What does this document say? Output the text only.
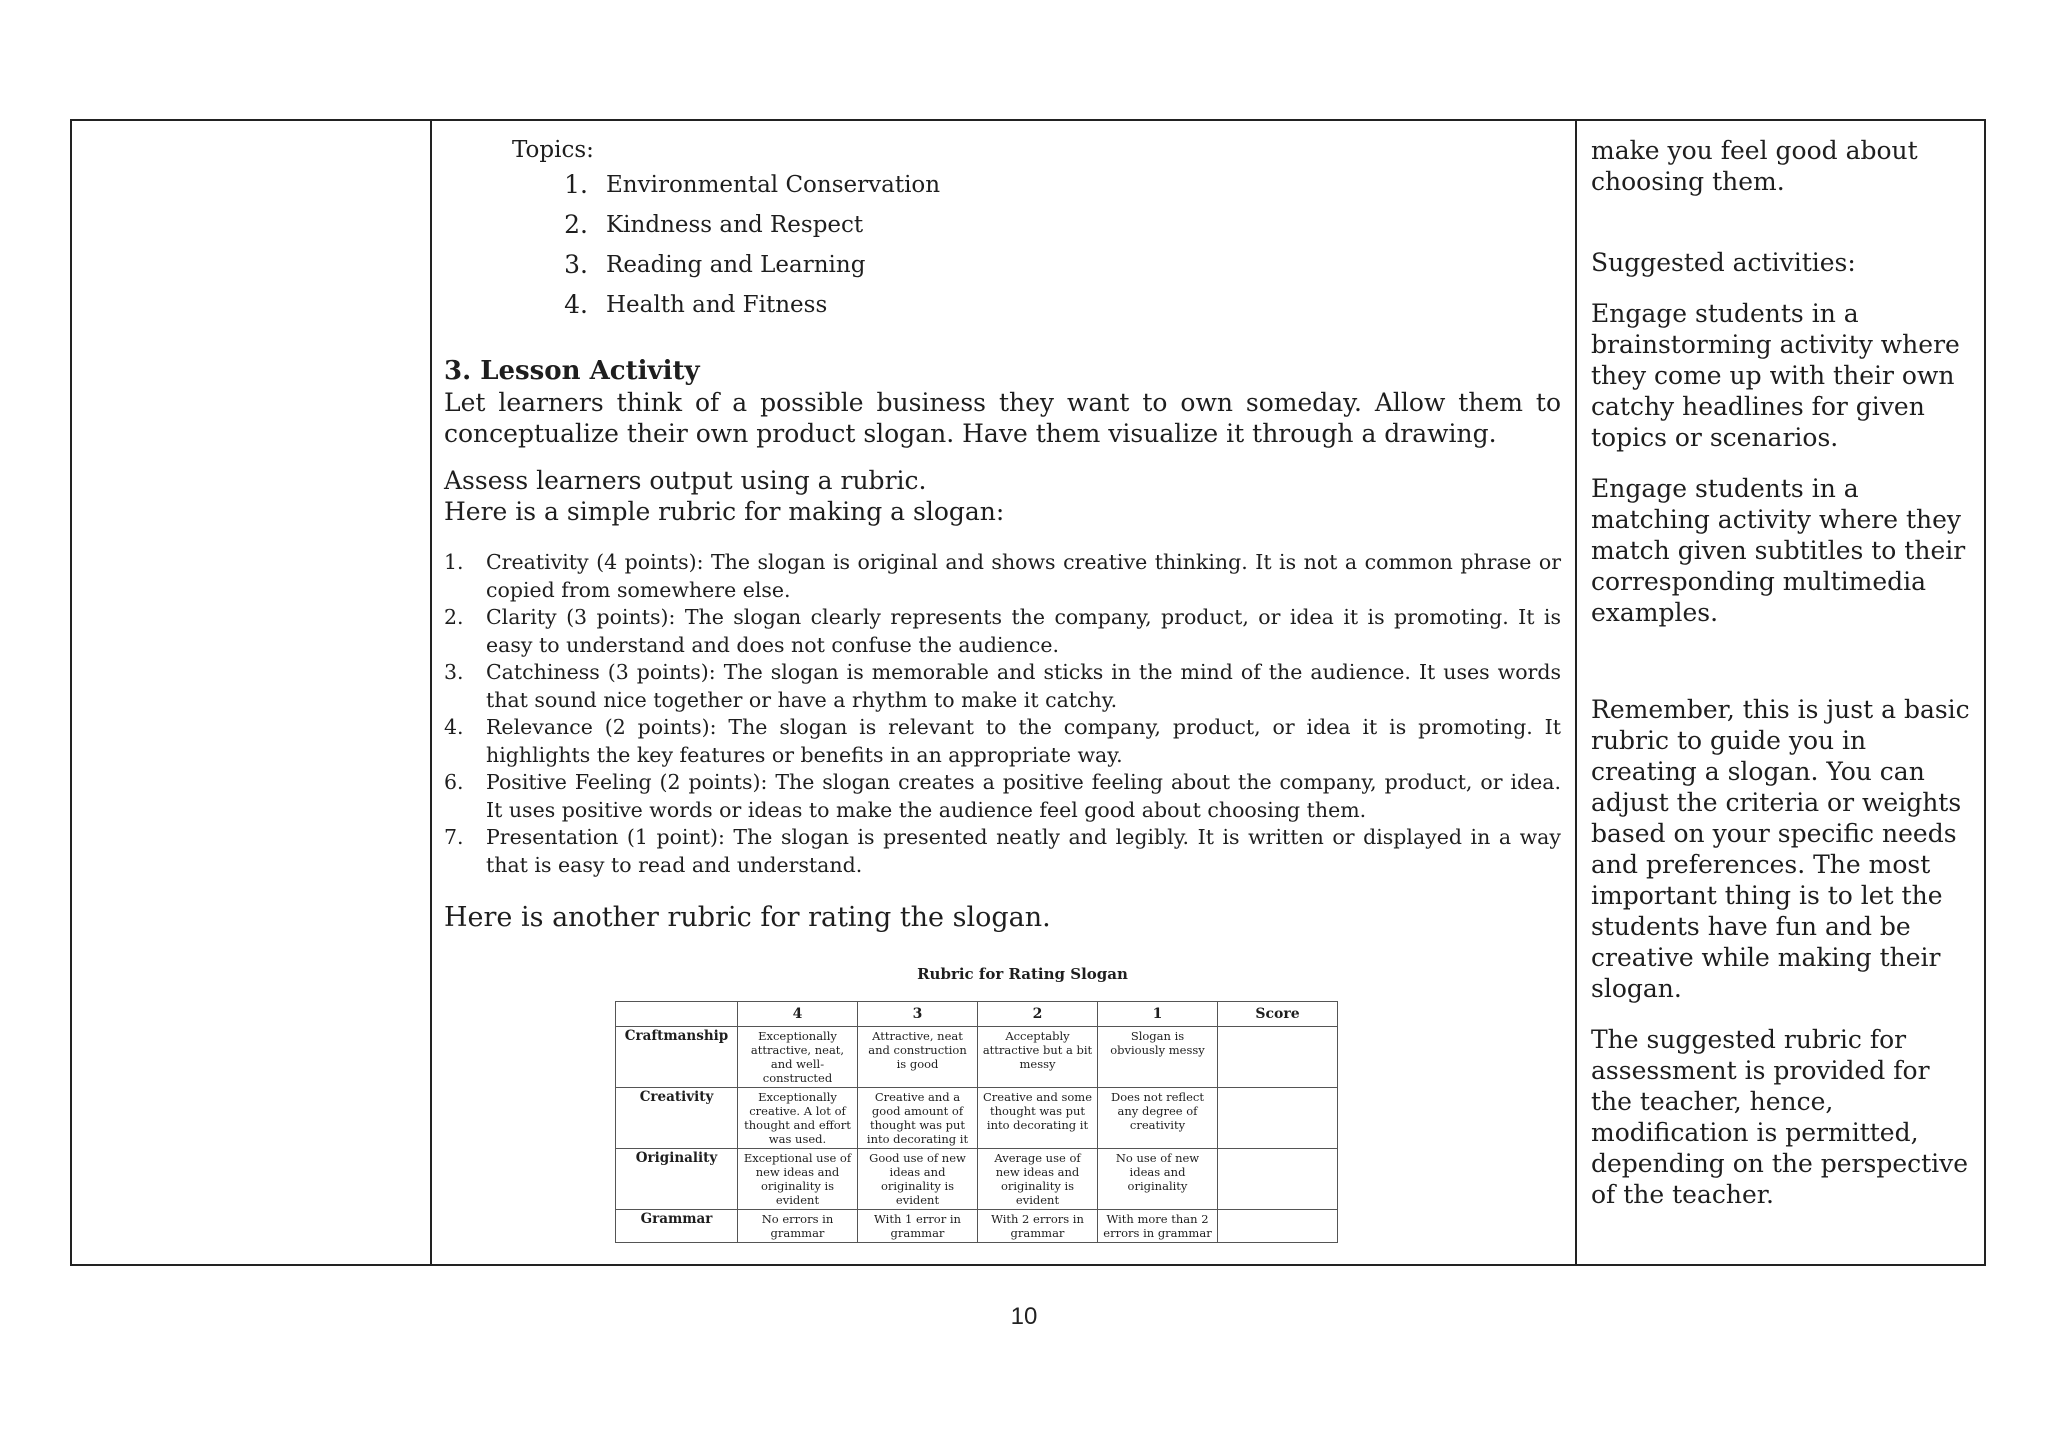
Topics:
1. Environmental Conservation
2. Kindness and Respect
3. Reading and Learning
4. Health and Fitness
3. Lesson Activity

Let learners think of a possible business they want to own someday. Allow them to conceptualize their own product slogan. Have them visualize it through a drawing.

Assess learners output using a rubric.

Here is a simple rubric for making a slogan:

1.	Creativity (4 points): The slogan is original and shows creative thinking. It is not a common phrase or copied from somewhere else.
2.	Clarity (3 points): The slogan clearly represents the company, product, or idea it is promoting. It is easy to understand and does not confuse the audience.
3.	Catchiness (3 points): The slogan is memorable and sticks in the mind of the audience. It uses words that sound nice together or have a rhythm to make it catchy.
4.	Relevance (2 points): The slogan is relevant to the company, product, or idea it is promoting. It highlights the key features or benefits in an appropriate way.
6.	Positive Feeling (2 points): The slogan creates a positive feeling about the company, product, or idea. It uses positive words or ideas to make the audience feel good about choosing them.
7.	Presentation (1 point): The slogan is presented neatly and legibly. It is written or displayed in a way that is easy to read and understand.
Here is another rubric for rating the slogan.
Rubric for Rating Slogan
	4	3	2	1	Score
Craftmanship	Exceptionally attractive, neat, and well-constructed	Attractive, neat and construction is good	Acceptably attractive but a bit messy	Slogan is obviously messy	
Creativity	Exceptionally creative. A lot of thought and effort was used.	Creative and a good amount of thought was put into decorating it	Creative and some thought was put into decorating it	Does not reflect any degree of creativity	
Originality	Exceptional use of new ideas and originality is evident	Good use of new ideas and originality is evident	Average use of new ideas and originality is evident	No use of new ideas and originality	
Grammar	No errors in grammar	With 1 error in grammar	With 2 errors in grammar	With more than 2 errors in grammar	

make you feel good about choosing them.

Suggested activities:

Engage students in a brainstorming activity where they come up with their own catchy headlines for given topics or scenarios.

Engage students in a matching activity where they match given subtitles to their corresponding multimedia examples.

Remember, this is just a basic rubric to guide you in creating a slogan. You can adjust the criteria or weights based on your specific needs and preferences. The most important thing is to let the students have fun and be creative while making their slogan.

The suggested rubric for assessment is provided for the teacher, hence, modification is permitted, depending on the perspective of the teacher.

10
